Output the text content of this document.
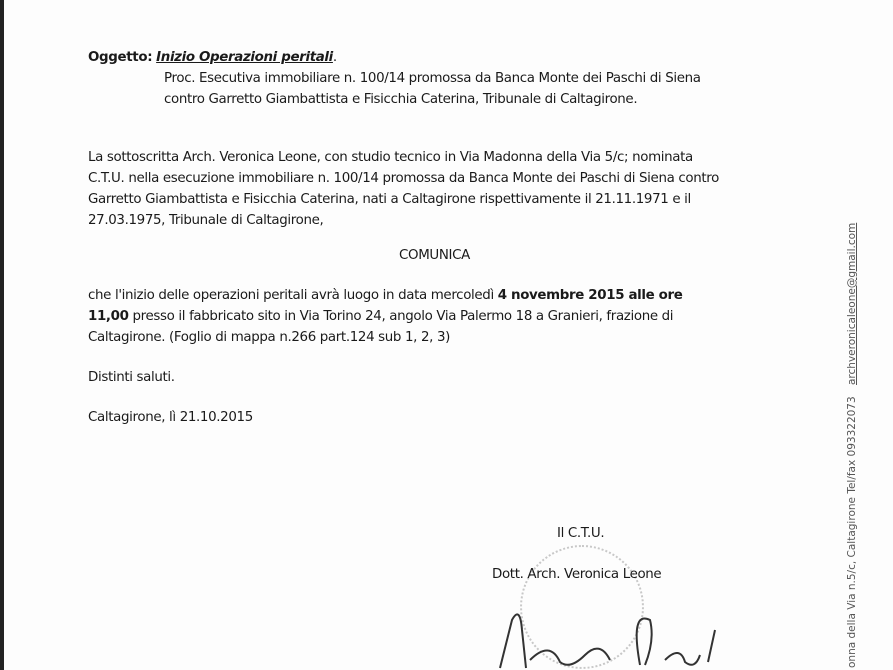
Oggetto: Inizio Operazioni peritali.
Proc. Esecutiva immobiliare n. 100/14 promossa da Banca Monte dei Paschi di Siena
contro Garretto Giambattista e Fisicchia Caterina, Tribunale di Caltagirone.
La sottoscritta Arch. Veronica Leone, con studio tecnico in Via Madonna della Via 5/c; nominata
C.T.U. nella esecuzione immobiliare n. 100/14 promossa da Banca Monte dei Paschi di Siena contro
Garretto Giambattista e Fisicchia Caterina, nati a Caltagirone rispettivamente il 21.11.1971 e il
27.03.1975, Tribunale di Caltagirone,
COMUNICA
che l'inizio delle operazioni peritali avrà luogo in data mercoledì 4 novembre 2015 alle ore
11,00 presso il fabbricato sito in Via Torino 24, angolo Via Palermo 18 a Granieri, frazione di
Caltagirone. (Foglio di mappa n.266 part.124 sub 1, 2, 3)
Distinti saluti.
Caltagirone, lì 21.10.2015
Il C.T.U.
Dott. Arch. Veronica Leone	onna della Via n.5/c, Caltagirone Tel/fax 093322073
archveronicaleone@gmail.com
